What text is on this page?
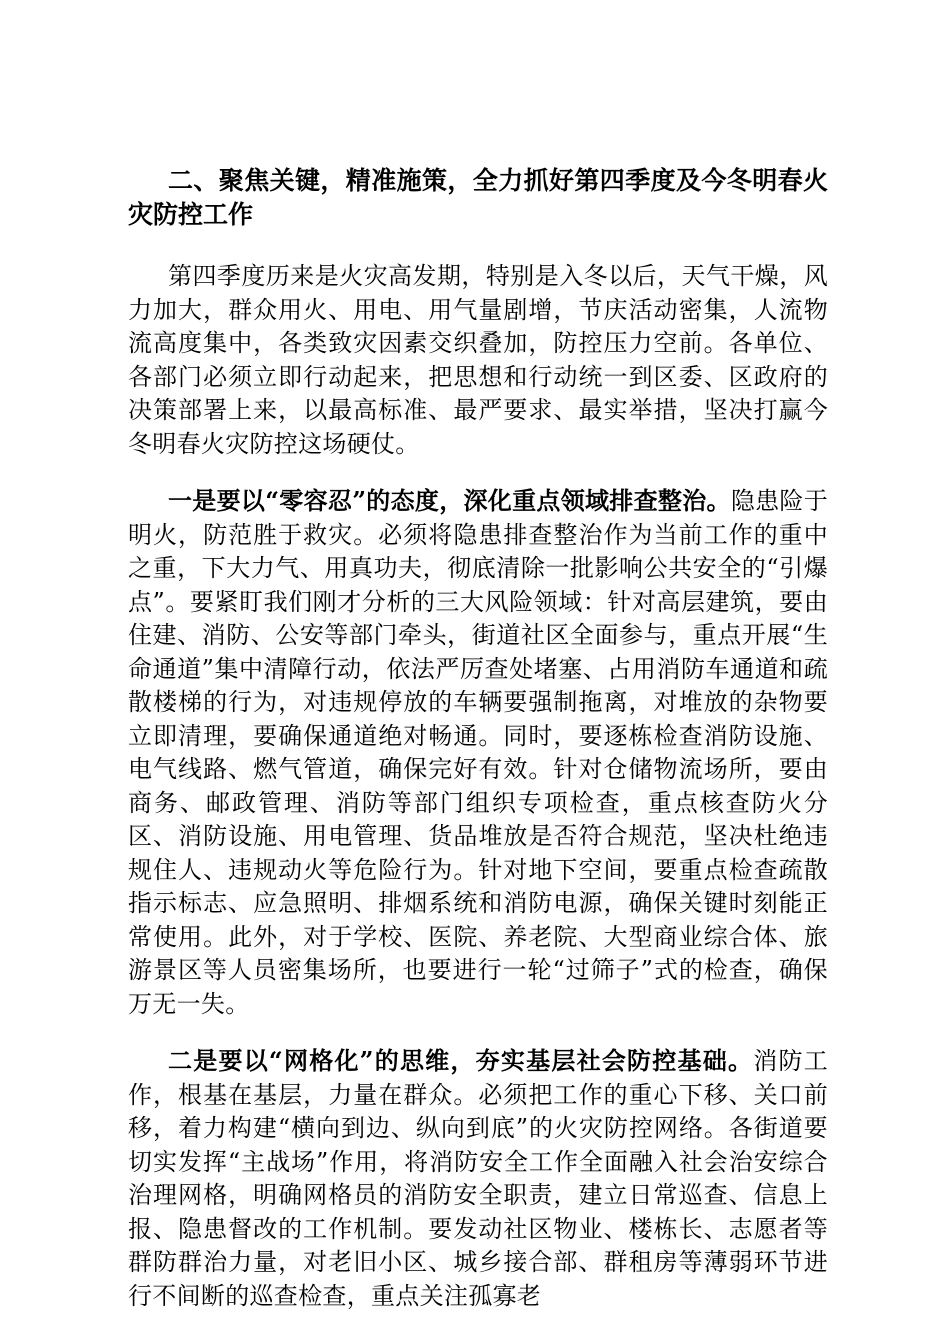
二、聚焦关键，精准施策，全力抓好第四季度及今冬明春火灾防控工作

第四季度历来是火灾高发期，特别是入冬以后，天气干燥，风力加大，群众用火、用电、用气量剧增，节庆活动密集，人流物流高度集中，各类致灾因素交织叠加，防控压力空前。各单位、各部门必须立即行动起来，把思想和行动统一到区委、区政府的决策部署上来，以最高标准、最严要求、最实举措，坚决打赢今冬明春火灾防控这场硬仗。

一是要以“零容忍”的态度，深化重点领域排查整治。隐患险于明火，防范胜于救灾。必须将隐患排查整治作为当前工作的重中之重，下大力气、用真功夫，彻底清除一批影响公共安全的“引爆点”。要紧盯我们刚才分析的三大风险领域：针对高层建筑，要由住建、消防、公安等部门牵头，街道社区全面参与，重点开展“生命通道”集中清障行动，依法严厉查处堵塞、占用消防车通道和疏散楼梯的行为，对违规停放的车辆要强制拖离，对堆放的杂物要立即清理，要确保通道绝对畅通。同时，要逐栋检查消防设施、电气线路、燃气管道，确保完好有效。针对仓储物流场所，要由商务、邮政管理、消防等部门组织专项检查，重点核查防火分区、消防设施、用电管理、货品堆放是否符合规范，坚决杜绝违规住人、违规动火等危险行为。针对地下空间，要重点检查疏散指示标志、应急照明、排烟系统和消防电源，确保关键时刻能正常使用。此外，对于学校、医院、养老院、大型商业综合体、旅游景区等人员密集场所，也要进行一轮“过筛子”式的检查，确保万无一失。

二是要以“网格化”的思维，夯实基层社会防控基础。消防工作，根基在基层，力量在群众。必须把工作的重心下移、关口前移，着力构建“横向到边、纵向到底”的火灾防控网络。各街道要切实发挥“主战场”作用，将消防安全工作全面融入社会治安综合治理网格，明确网格员的消防安全职责，建立日常巡查、信息上报、隐患督改的工作机制。要发动社区物业、楼栋长、志愿者等群防群治力量，对老旧小区、城乡接合部、群租房等薄弱环节进行不间断的巡查检查，重点关注孤寡老
